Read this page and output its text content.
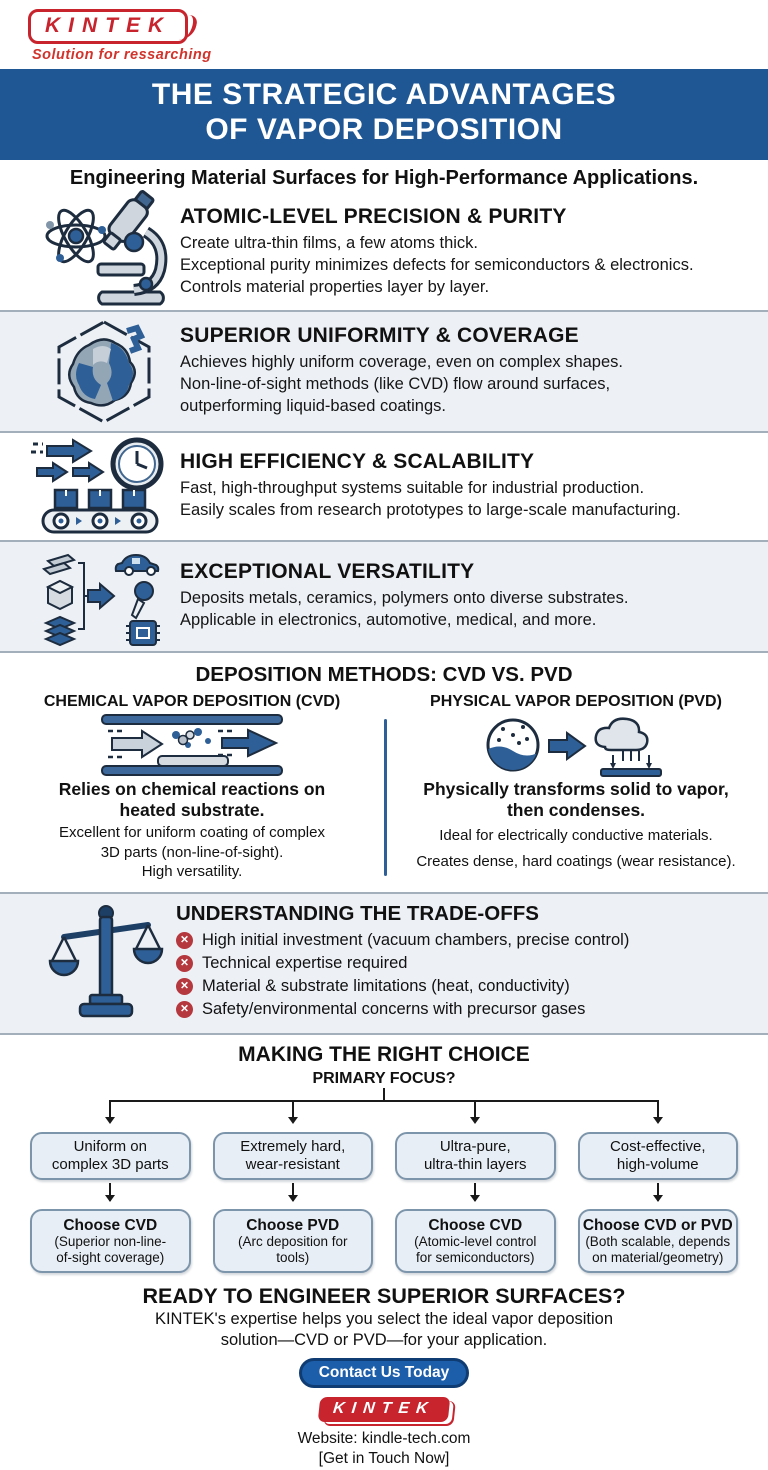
KINTEK
Solution for ressarching
THE STRATEGIC ADVANTAGES
OF VAPOR DEPOSITION
Engineering Material Surfaces for High-Performance Applications.
ATOMIC-LEVEL PRECISION & PURITY
Create ultra-thin films, a few atoms thick.
Exceptional purity minimizes defects for semiconductors & electronics.
Controls material properties layer by layer.
SUPERIOR UNIFORMITY & COVERAGE
Achieves highly uniform coverage, even on complex shapes.
Non-line-of-sight methods (like CVD) flow around surfaces,
outperforming liquid-based coatings.
HIGH EFFICIENCY & SCALABILITY
Fast, high-throughput systems suitable for industrial production.
Easily scales from research prototypes to large-scale manufacturing.
EXCEPTIONAL VERSATILITY
Deposits metals, ceramics, polymers onto diverse substrates.
Applicable in electronics, automotive, medical, and more.
DEPOSITION METHODS: CVD VS. PVD
CHEMICAL VAPOR DEPOSITION (CVD)
Relies on chemical reactions on
heated substrate.
Excellent for uniform coating of complex
3D parts (non-line-of-sight).
High versatility.
PHYSICAL VAPOR DEPOSITION (PVD)
Physically transforms solid to vapor,
then condenses.
Ideal for electrically conductive materials.
Creates dense, hard coatings (wear resistance).
UNDERSTANDING THE TRADE-OFFS
✕ High initial investment (vacuum chambers, precise control)
✕ Technical expertise required
✕ Material & substrate limitations (heat, conductivity)
✕ Safety/environmental concerns with precursor gases
MAKING THE RIGHT CHOICE
PRIMARY FOCUS?
Uniform on
complex 3D parts
Choose CVD
(Superior non-line-
of-sight coverage)
Extremely hard,
wear-resistant
Choose PVD
(Arc deposition for
tools)
Ultra-pure,
ultra-thin layers
Choose CVD
(Atomic-level control
for semiconductors)
Cost-effective,
high-volume
Choose CVD or PVD
(Both scalable, depends
on material/geometry)
READY TO ENGINEER SUPERIOR SURFACES?
KINTEK's expertise helps you select the ideal vapor deposition
solution—CVD or PVD—for your application.
Contact Us Today
KINTEK
Website: kindle-tech.com
[Get in Touch Now]
